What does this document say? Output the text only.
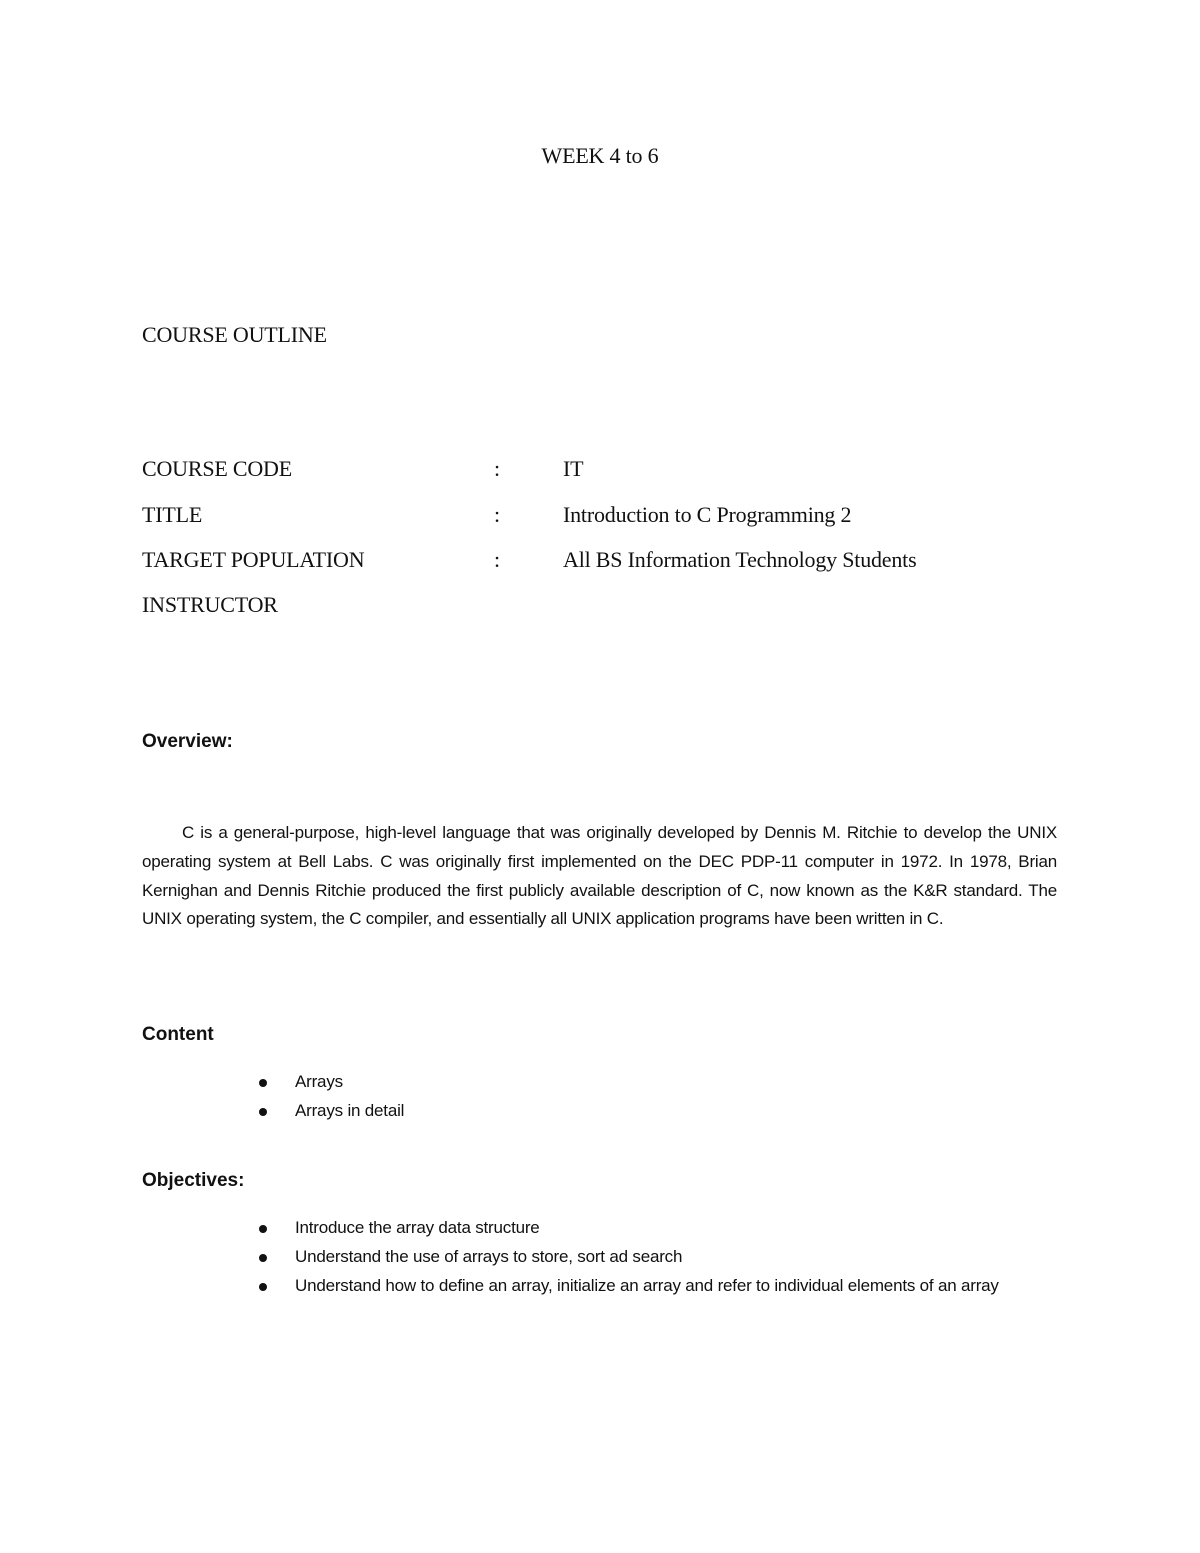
WEEK 4 to 6
COURSE OUTLINE
COURSE CODE	:	IT
TITLE	:	Introduction to C Programming 2
TARGET POPULATION	:	All BS Information Technology Students
INSTRUCTOR
Overview:

C is a general-purpose, high-level language that was originally developed by Dennis M. Ritchie to develop the UNIX operating system at Bell Labs. C was originally first implemented on the DEC PDP-11 computer in 1972. In 1978, Brian Kernighan and Dennis Ritchie produced the first publicly available description of C, now known as the K&R standard. The UNIX operating system, the C compiler, and essentially all UNIX application programs have been written in C.

Content
Arrays
Arrays in detail
Objectives:
Introduce the array data structure
Understand the use of arrays to store, sort ad search
Understand how to define an array, initialize an array and refer to individual elements of an array
